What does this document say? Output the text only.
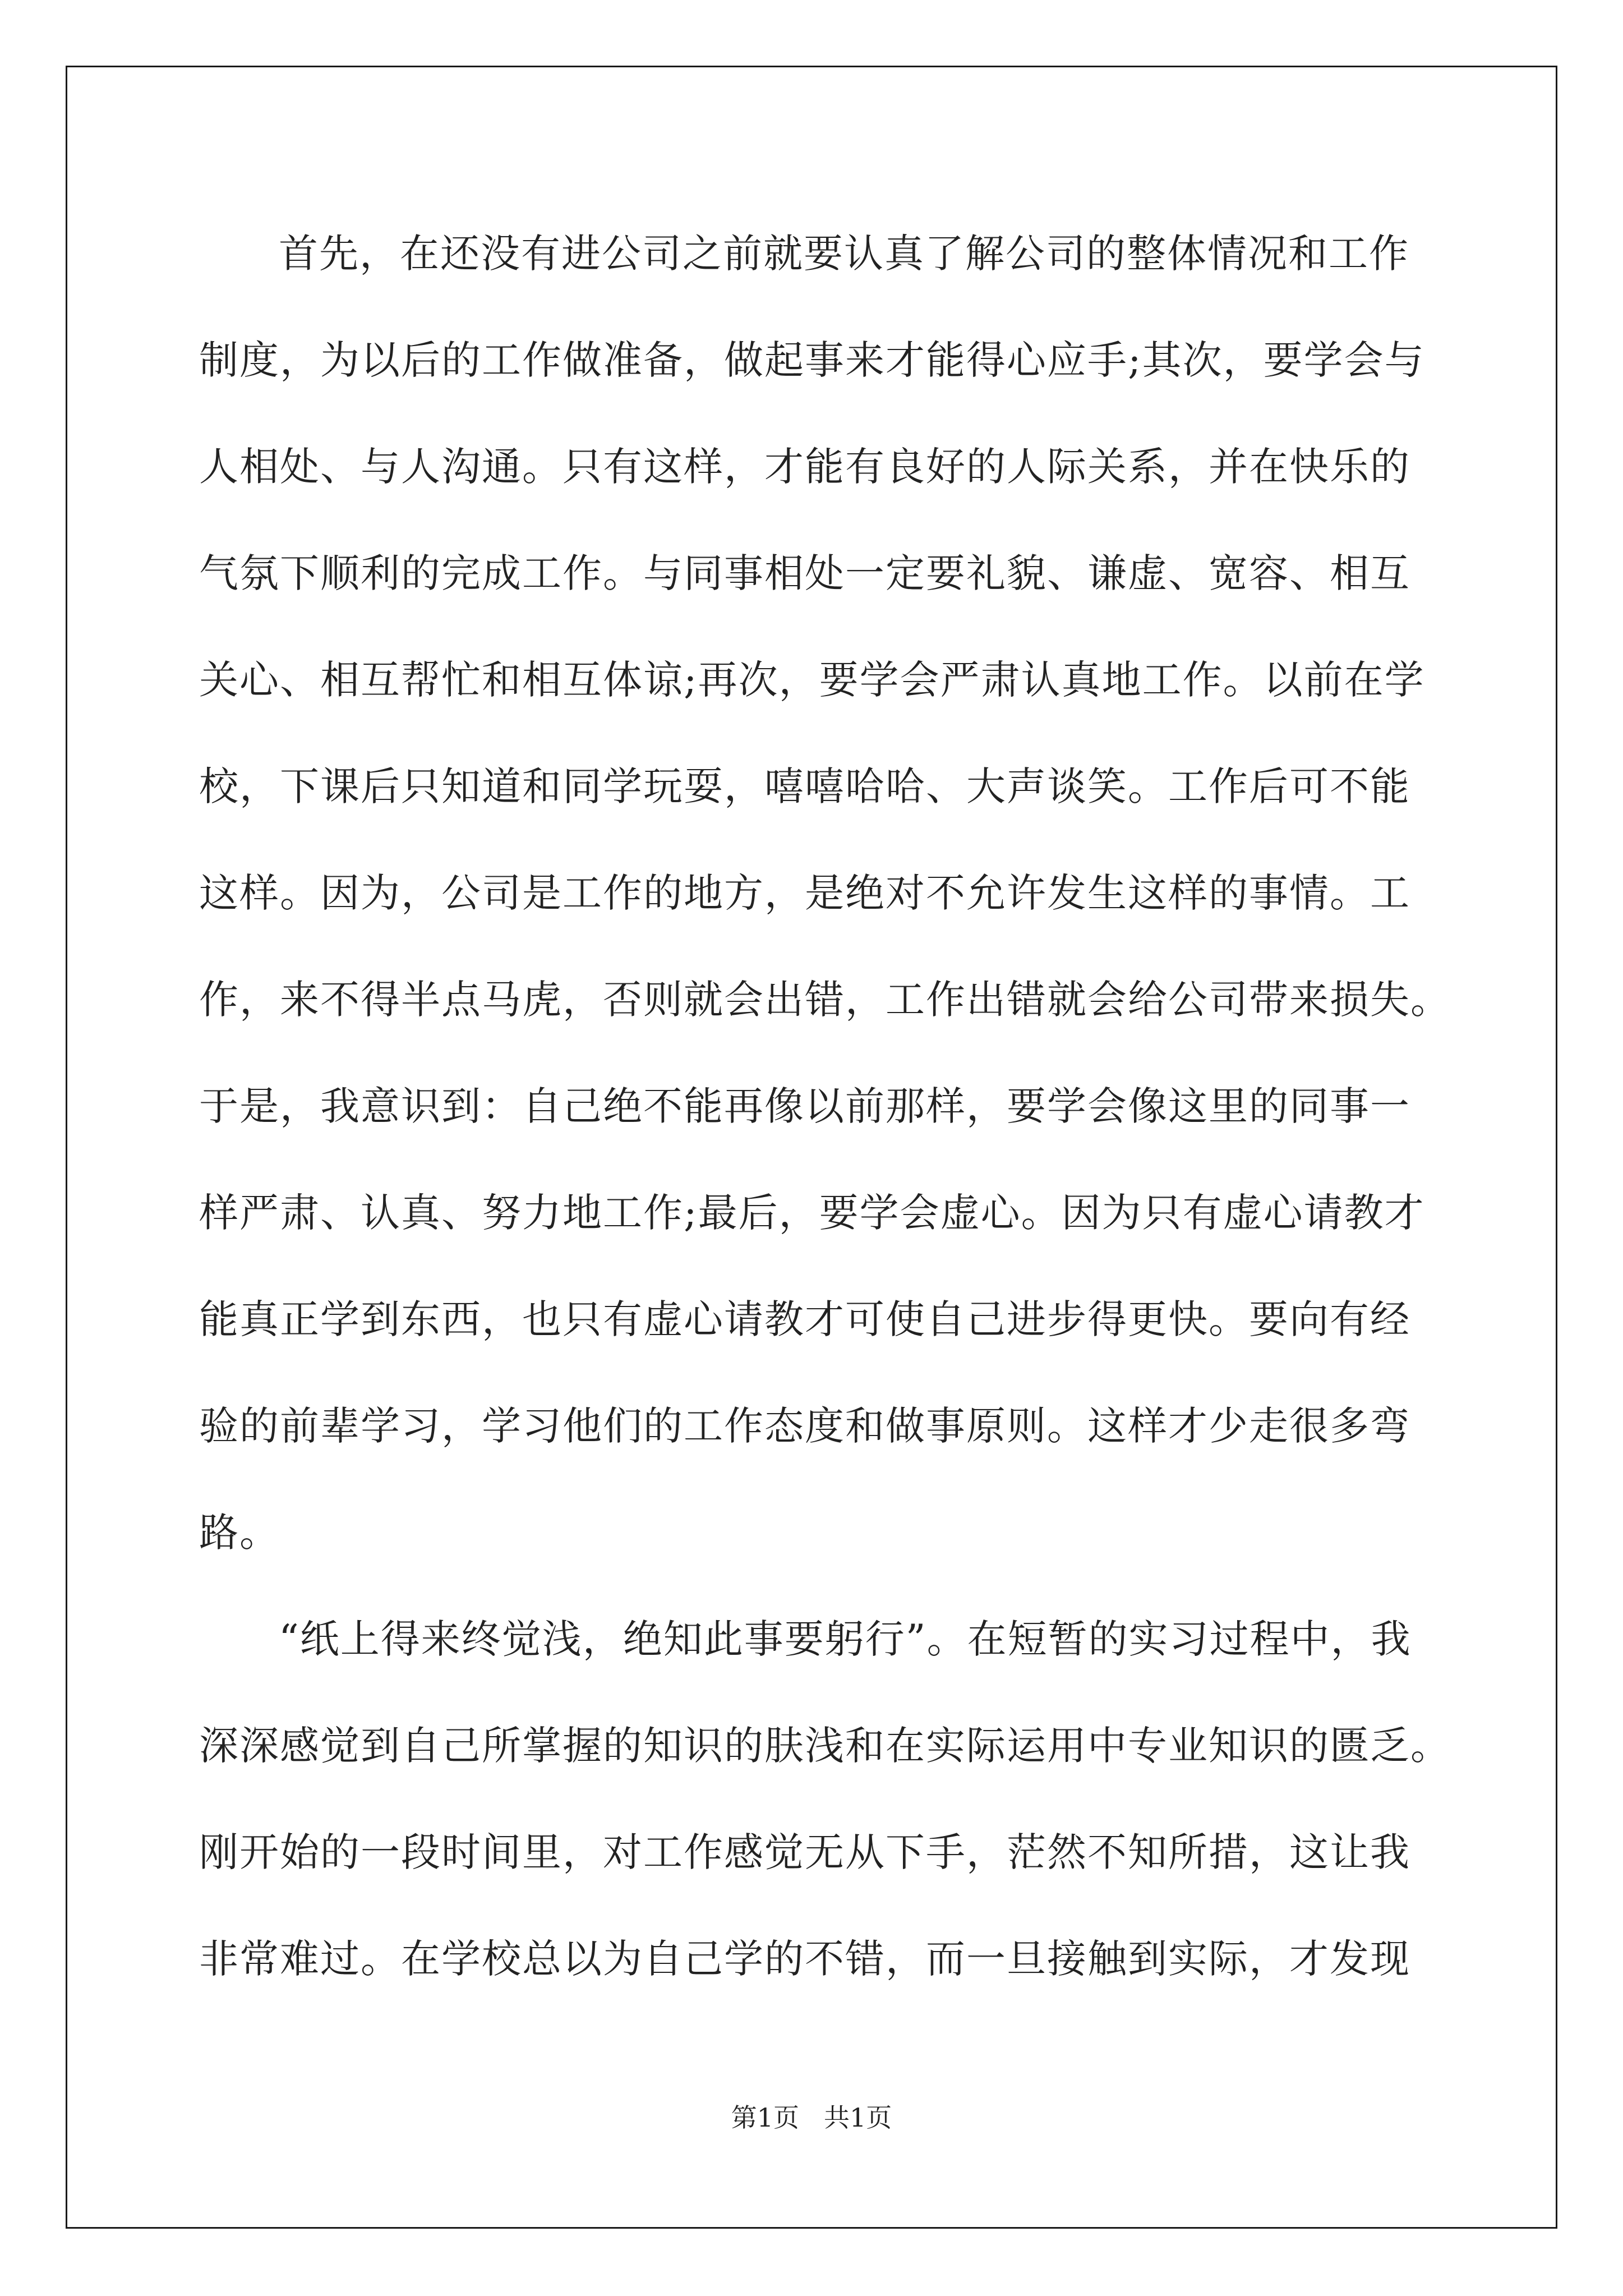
首先，在还没有进公司之前就要认真了解公司的整体情况和工作
制度，为以后的工作做准备，做起事来才能得心应手;其次，要学会与
人相处、与人沟通。只有这样，才能有良好的人际关系，并在快乐的
气氛下顺利的完成工作。与同事相处一定要礼貌、谦虚、宽容、相互
关心、相互帮忙和相互体谅;再次，要学会严肃认真地工作。以前在学
校，下课后只知道和同学玩耍，嘻嘻哈哈、大声谈笑。工作后可不能
这样。因为，公司是工作的地方，是绝对不允许发生这样的事情。工
作，来不得半点马虎，否则就会出错，工作出错就会给公司带来损失。
于是，我意识到：自己绝不能再像以前那样，要学会像这里的同事一
样严肃、认真、努力地工作;最后，要学会虚心。因为只有虚心请教才
能真正学到东西，也只有虚心请教才可使自己进步得更快。要向有经
验的前辈学习，学习他们的工作态度和做事原则。这样才少走很多弯
路。
“纸上得来终觉浅，绝知此事要躬行”。在短暂的实习过程中，我
深深感觉到自己所掌握的知识的肤浅和在实际运用中专业知识的匮乏。
刚开始的一段时间里，对工作感觉无从下手，茫然不知所措，这让我
非常难过。在学校总以为自己学的不错，而一旦接触到实际，才发现
第1页 共1页
